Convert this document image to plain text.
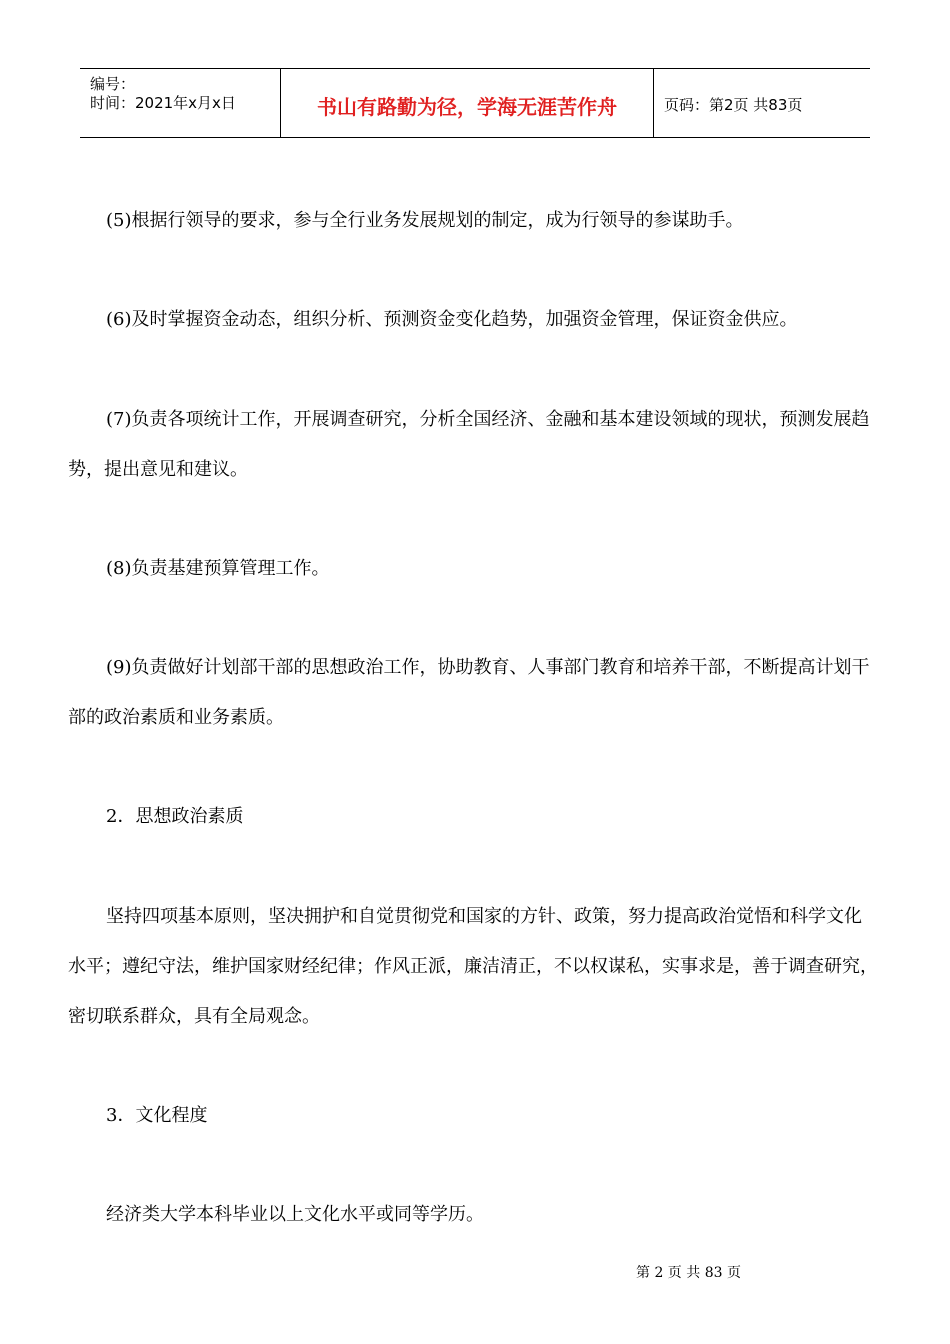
编号：
时间：2021年x月x日	书山有路勤为径，学海无涯苦作舟	页码：第2页 共83页

(5)根据行领导的要求，参与全行业务发展规划的制定，成为行领导的参谋助手。

(6)及时掌握资金动态，组织分析、预测资金变化趋势，加强资金管理，保证资金供应。

(7)负责各项统计工作，开展调查研究，分析全国经济、金融和基本建设领域的现状，预测发展趋势，提出意见和建议。

(8)负责基建预算管理工作。

(9)负责做好计划部干部的思想政治工作，协助教育、人事部门教育和培养干部，不断提高计划干部的政治素质和业务素质。

2．思想政治素质

坚持四项基本原则，坚决拥护和自觉贯彻党和国家的方针、政策，努力提高政治觉悟和科学文化水平；遵纪守法，维护国家财经纪律；作风正派，廉洁清正，不以权谋私，实事求是，善于调查研究，密切联系群众，具有全局观念。

3．文化程度

经济类大学本科毕业以上文化水平或同等学历。

第 2 页 共 83 页
